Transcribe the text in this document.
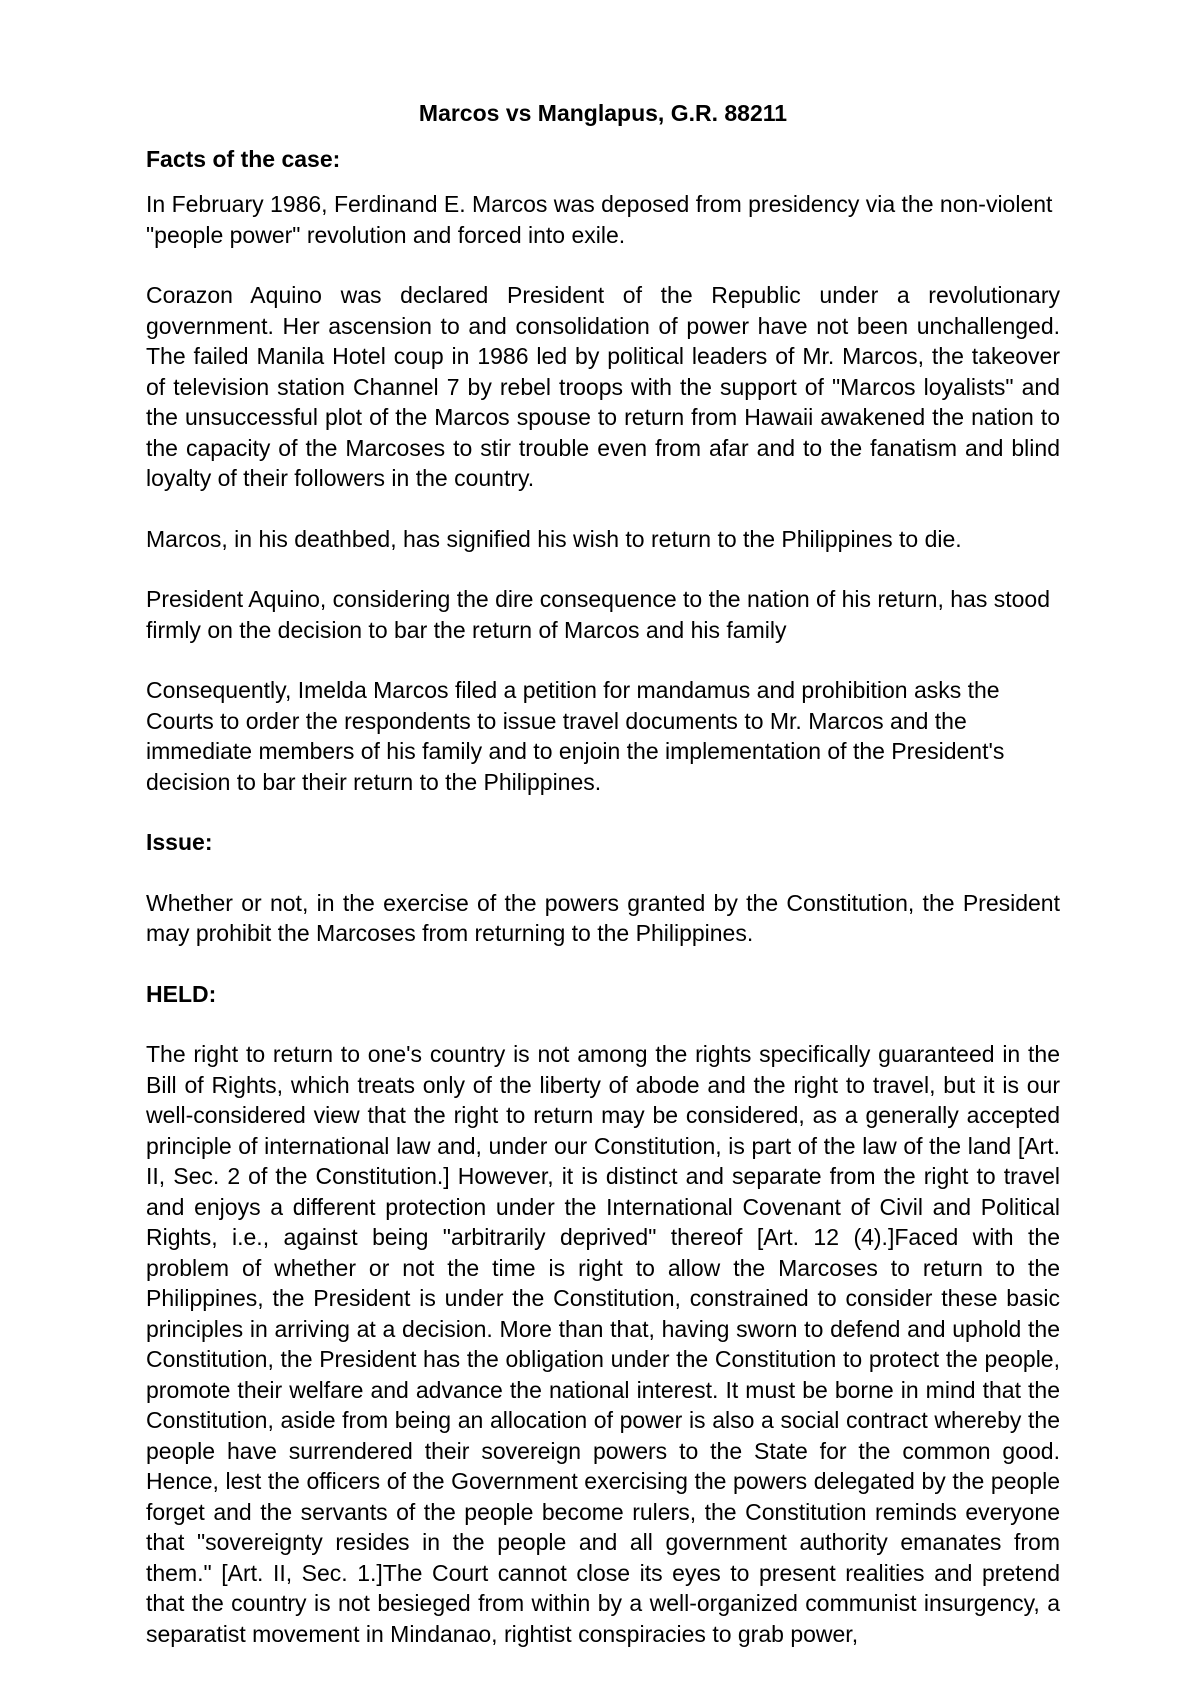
Marcos vs Manglapus, G.R. 88211
Facts of the case:

In February 1986, Ferdinand E. Marcos was deposed from presidency via the non-violent "people power" revolution and forced into exile.

Corazon Aquino was declared President of the Republic under a revolutionary government. Her ascension to and consolidation of power have not been unchallenged. The failed Manila Hotel coup in 1986 led by political leaders of Mr. Marcos, the takeover of television station Channel 7 by rebel troops with the support of "Marcos loyalists" and the unsuccessful plot of the Marcos spouse to return from Hawaii awakened the nation to the capacity of the Marcoses to stir trouble even from afar and to the fanatism and blind loyalty of their followers in the country.

Marcos, in his deathbed, has signified his wish to return to the Philippines to die.

President Aquino, considering the dire consequence to the nation of his return, has stood firmly on the decision to bar the return of Marcos and his family

Consequently, Imelda Marcos filed a petition for mandamus and prohibition asks the Courts to order the respondents to issue travel documents to Mr. Marcos and the immediate members of his family and to enjoin the implementation of the President's decision to bar their return to the Philippines.

Issue:

Whether or not, in the exercise of the powers granted by the Constitution, the President may prohibit the Marcoses from returning to the Philippines.

HELD:

The right to return to one's country is not among the rights specifically guaranteed in the Bill of Rights, which treats only of the liberty of abode and the right to travel, but it is our well-considered view that the right to return may be considered, as a generally accepted principle of international law and, under our Constitution, is part of the law of the land [Art. II, Sec. 2 of the Constitution.] However, it is distinct and separate from the right to travel and enjoys a different protection under the International Covenant of Civil and Political Rights, i.e., against being "arbitrarily deprived" thereof [Art. 12 (4).]Faced with the problem of whether or not the time is right to allow the Marcoses to return to the Philippines, the President is under the Constitution, constrained to consider these basic principles in arriving at a decision. More than that, having sworn to defend and uphold the Constitution, the President has the obligation under the Constitution to protect the people, promote their welfare and advance the national interest. It must be borne in mind that the Constitution, aside from being an allocation of power is also a social contract whereby the people have surrendered their sovereign powers to the State for the common good. Hence, lest the officers of the Government exercising the powers delegated by the people forget and the servants of the people become rulers, the Constitution reminds everyone that "sovereignty resides in the people and all government authority emanates from them." [Art. II, Sec. 1.]The Court cannot close its eyes to present realities and pretend that the country is not besieged from within by a well-organized communist insurgency, a separatist movement in Mindanao, rightist conspiracies to grab power,
